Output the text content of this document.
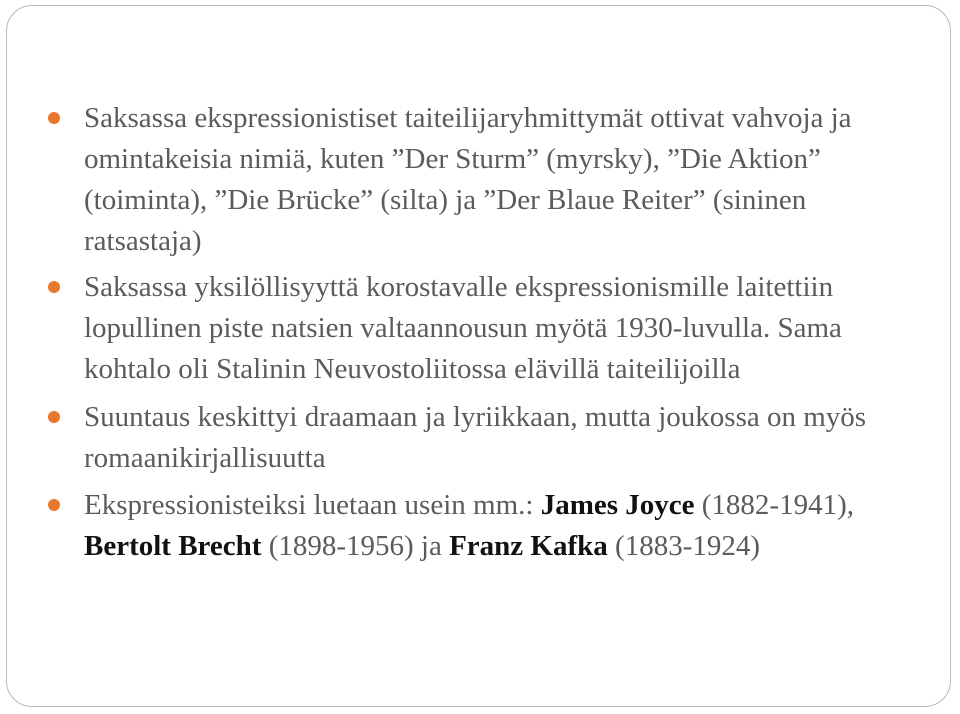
Saksassa ekspressionistiset taiteilijaryhmittymät ottivat vahvoja ja omintakeisia nimiä, kuten ”Der Sturm” (myrsky), ”Die Aktion” (toiminta), ”Die Brücke” (silta) ja ”Der Blaue Reiter” (sininen ratsastaja)
Saksassa yksilöllisyyttä korostavalle ekspressionismille laitettiin lopullinen piste natsien valtaannousun myötä 1930-luvulla. Sama kohtalo oli Stalinin Neuvostoliitossa elävillä taiteilijoilla
Suuntaus keskittyi draamaan ja lyriikkaan, mutta joukossa on myös romaanikirjallisuutta
Ekspressionisteiksi luetaan usein mm.: James Joyce (1882-1941), Bertolt Brecht (1898-1956) ja Franz Kafka (1883-1924)
